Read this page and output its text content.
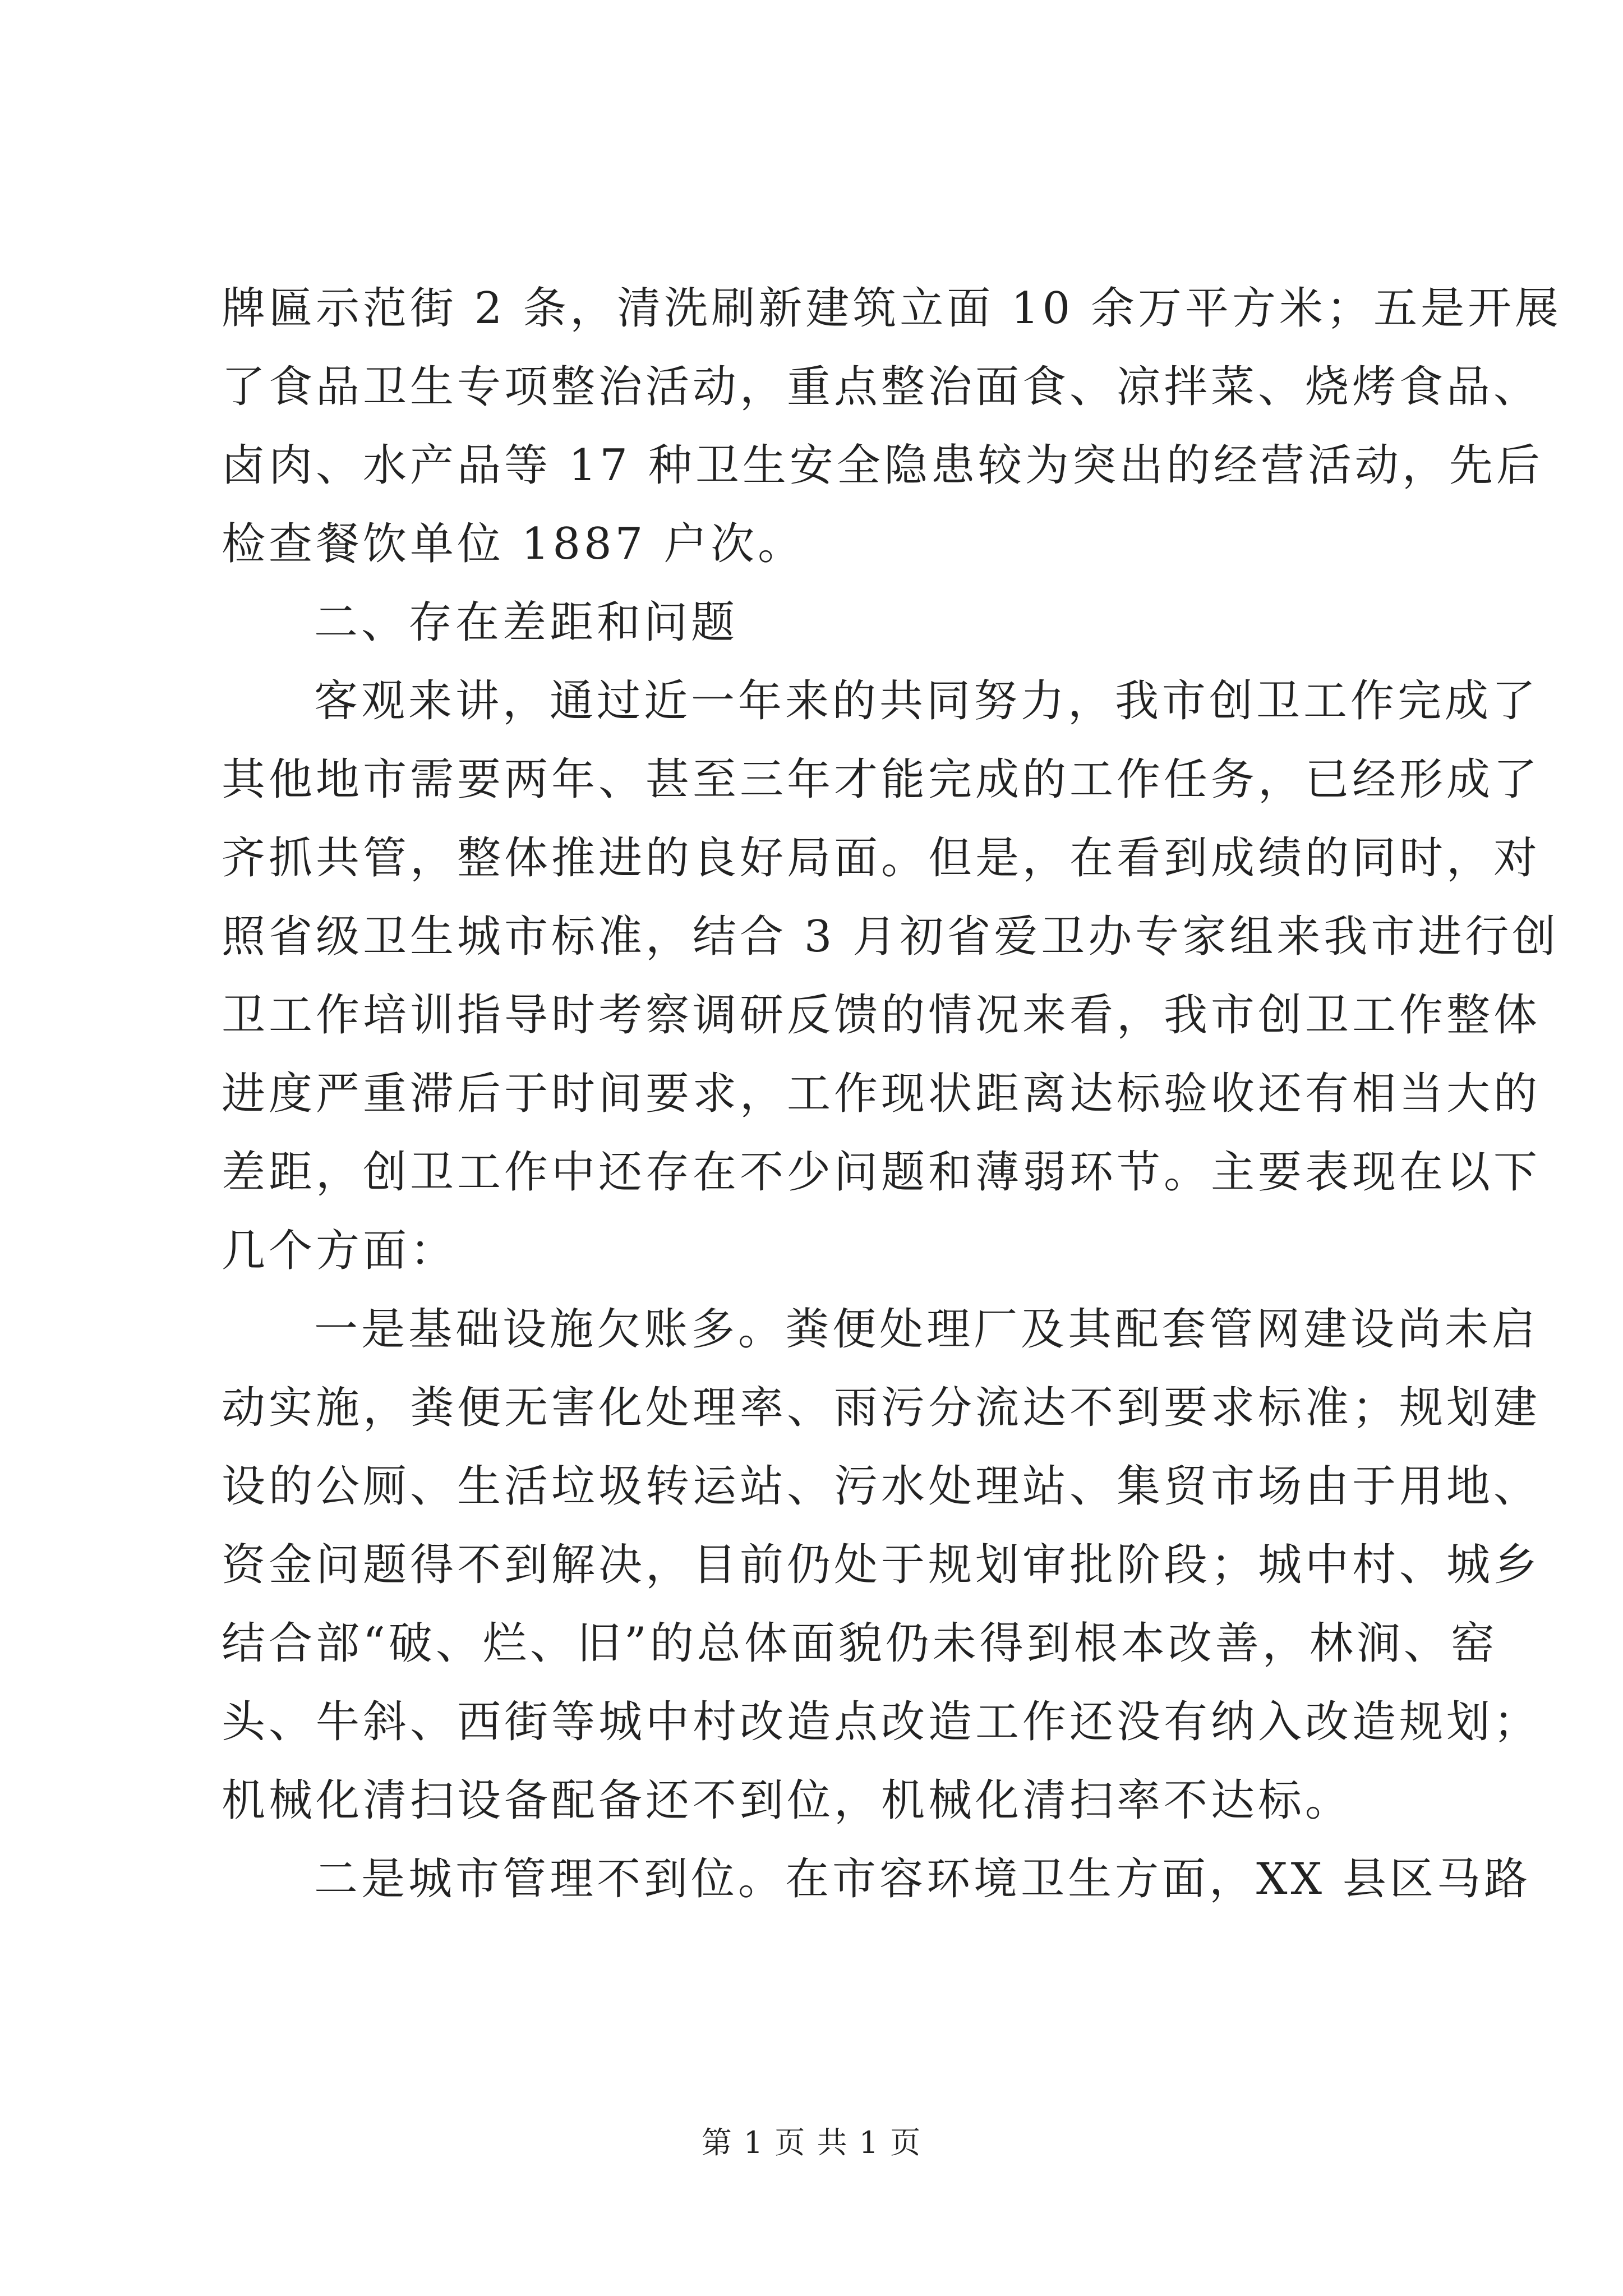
牌匾示范街 2 条，清洗刷新建筑立面 10 余万平方米；五是开展
了食品卫生专项整治活动，重点整治面食、凉拌菜、烧烤食品、
卤肉、水产品等 17 种卫生安全隐患较为突出的经营活动，先后
检查餐饮单位 1887 户次。
二、存在差距和问题
客观来讲，通过近一年来的共同努力，我市创卫工作完成了
其他地市需要两年、甚至三年才能完成的工作任务，已经形成了
齐抓共管，整体推进的良好局面。但是，在看到成绩的同时，对
照省级卫生城市标准，结合 3 月初省爱卫办专家组来我市进行创
卫工作培训指导时考察调研反馈的情况来看，我市创卫工作整体
进度严重滞后于时间要求，工作现状距离达标验收还有相当大的
差距，创卫工作中还存在不少问题和薄弱环节。主要表现在以下
几个方面：
一是基础设施欠账多。粪便处理厂及其配套管网建设尚未启
动实施，粪便无害化处理率、雨污分流达不到要求标准；规划建
设的公厕、生活垃圾转运站、污水处理站、集贸市场由于用地、
资金问题得不到解决，目前仍处于规划审批阶段；城中村、城乡
结合部“破、烂、旧”的总体面貌仍未得到根本改善，林涧、窑
头、牛斜、西街等城中村改造点改造工作还没有纳入改造规划；
机械化清扫设备配备还不到位，机械化清扫率不达标。
二是城市管理不到位。在市容环境卫生方面，XX 县区马路
第 1 页 共 1 页
